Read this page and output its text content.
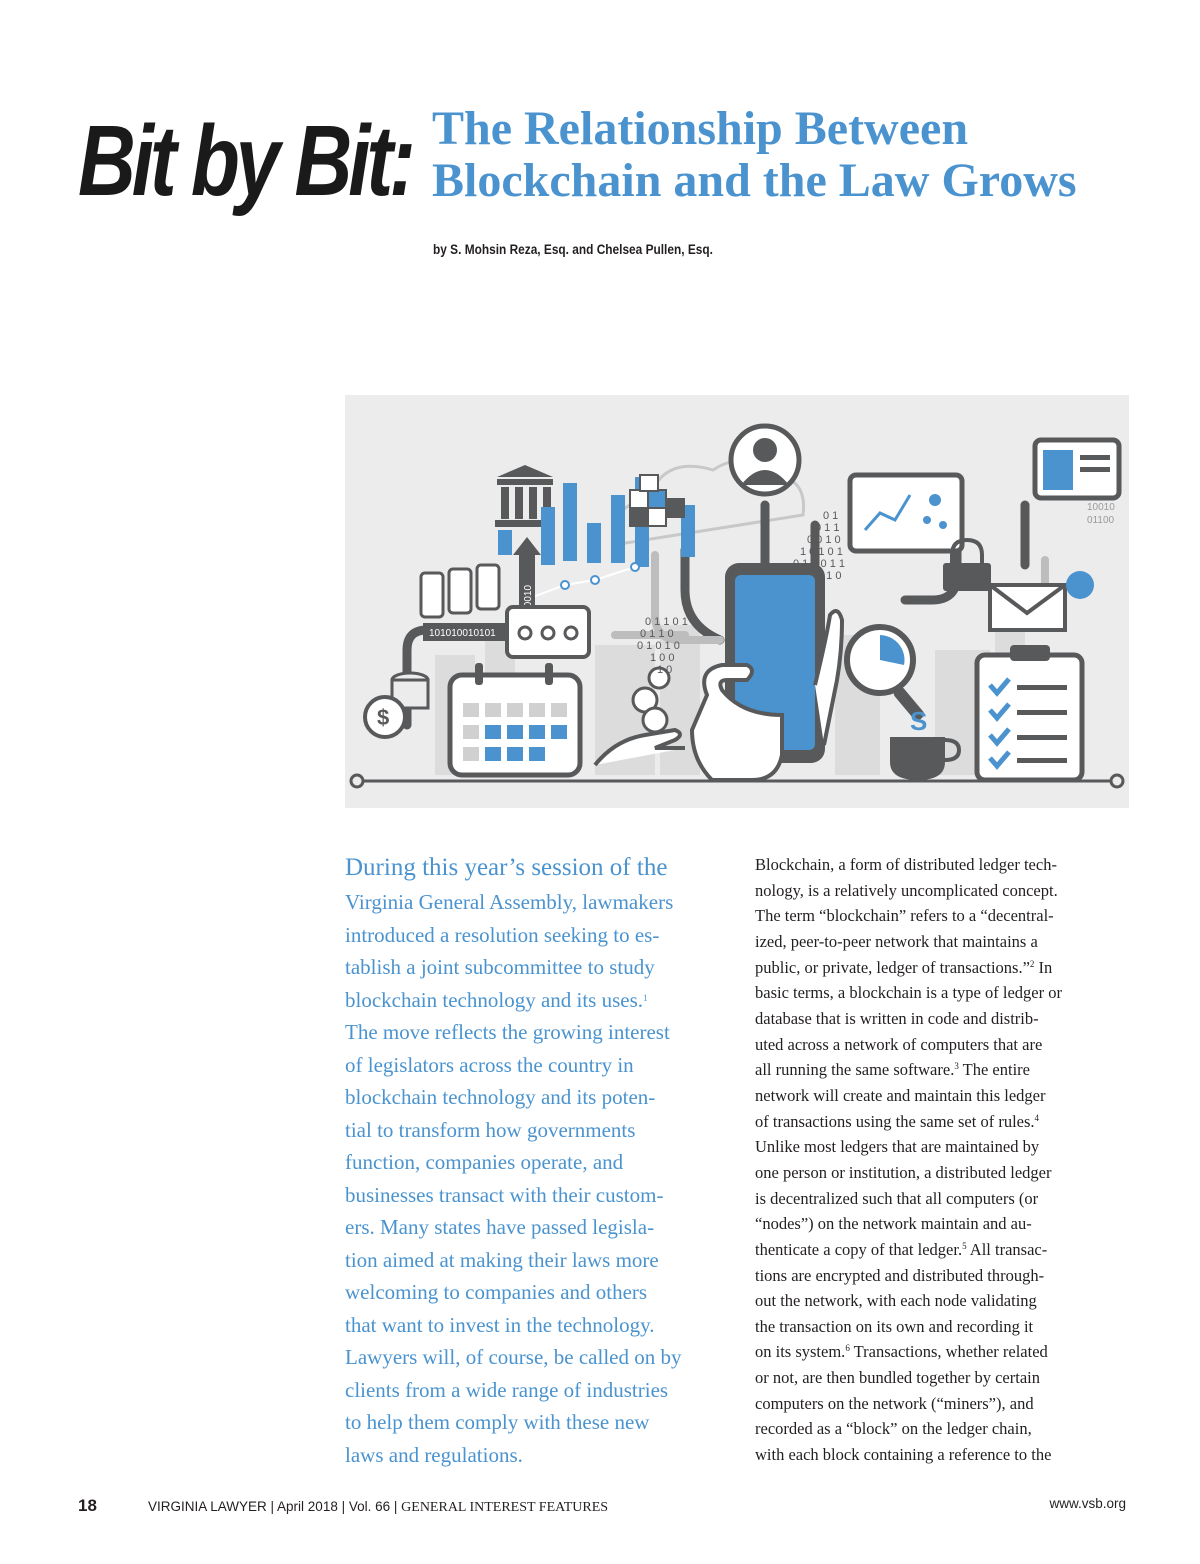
Bit by Bit: The Relationship Between
Blockchain and the Law Grows
by S. Mohsin Reza, Esq. and Chelsea Pullen, Esq.
101010010101
$
0 1
0 1 1
0 0 1 0
1 0 1 0 1
0 1 0 0 1 1
1 1 0
0 1 1 0 1
0 1 1 0
0 1 0 1 0
1 0 0
1 0
10010
01100
S
During this year’s session of the
Virginia General Assembly, lawmakers
introduced a resolution seeking to es-
tablish a joint subcommittee to study
blockchain technology and its uses.$^1$
The move reflects the growing interest
of legislators across the country in
blockchain technology and its poten-
tial to transform how governments
function, companies operate, and
businesses transact with their custom-
ers. Many states have passed legisla-
tion aimed at making their laws more
welcoming to companies and others
that want to invest in the technology.
Lawyers will, of course, be called on by
clients from a wide range of industries
to help them comply with these new
laws and regulations.
Blockchain, a form of distributed ledger tech-
nology, is a relatively uncomplicated concept.
The term “blockchain” refers to a “decentral-
ized, peer-to-peer network that maintains a
public, or private, ledger of transactions.”$^2$ In
basic terms, a blockchain is a type of ledger or
database that is written in code and distrib-
uted across a network of computers that are
all running the same software.$^3$ The entire
network will create and maintain this ledger
of transactions using the same set of rules.$^4$
Unlike most ledgers that are maintained by
one person or institution, a distributed ledger
is decentralized such that all computers (or
“nodes”) on the network maintain and au-
thenticate a copy of that ledger.$^5$ All transac-
tions are encrypted and distributed through-
out the network, with each node validating
the transaction on its own and recording it
on its system.$^6$ Transactions, whether related
or not, are then bundled together by certain
computers on the network (“miners”), and
recorded as a “block” on the ledger chain,
with each block containing a reference to the
18	VIRGINIA LAWYER | April 2018 | Vol. 66 | GENERAL INTEREST FEATURES	www.vsb.org
